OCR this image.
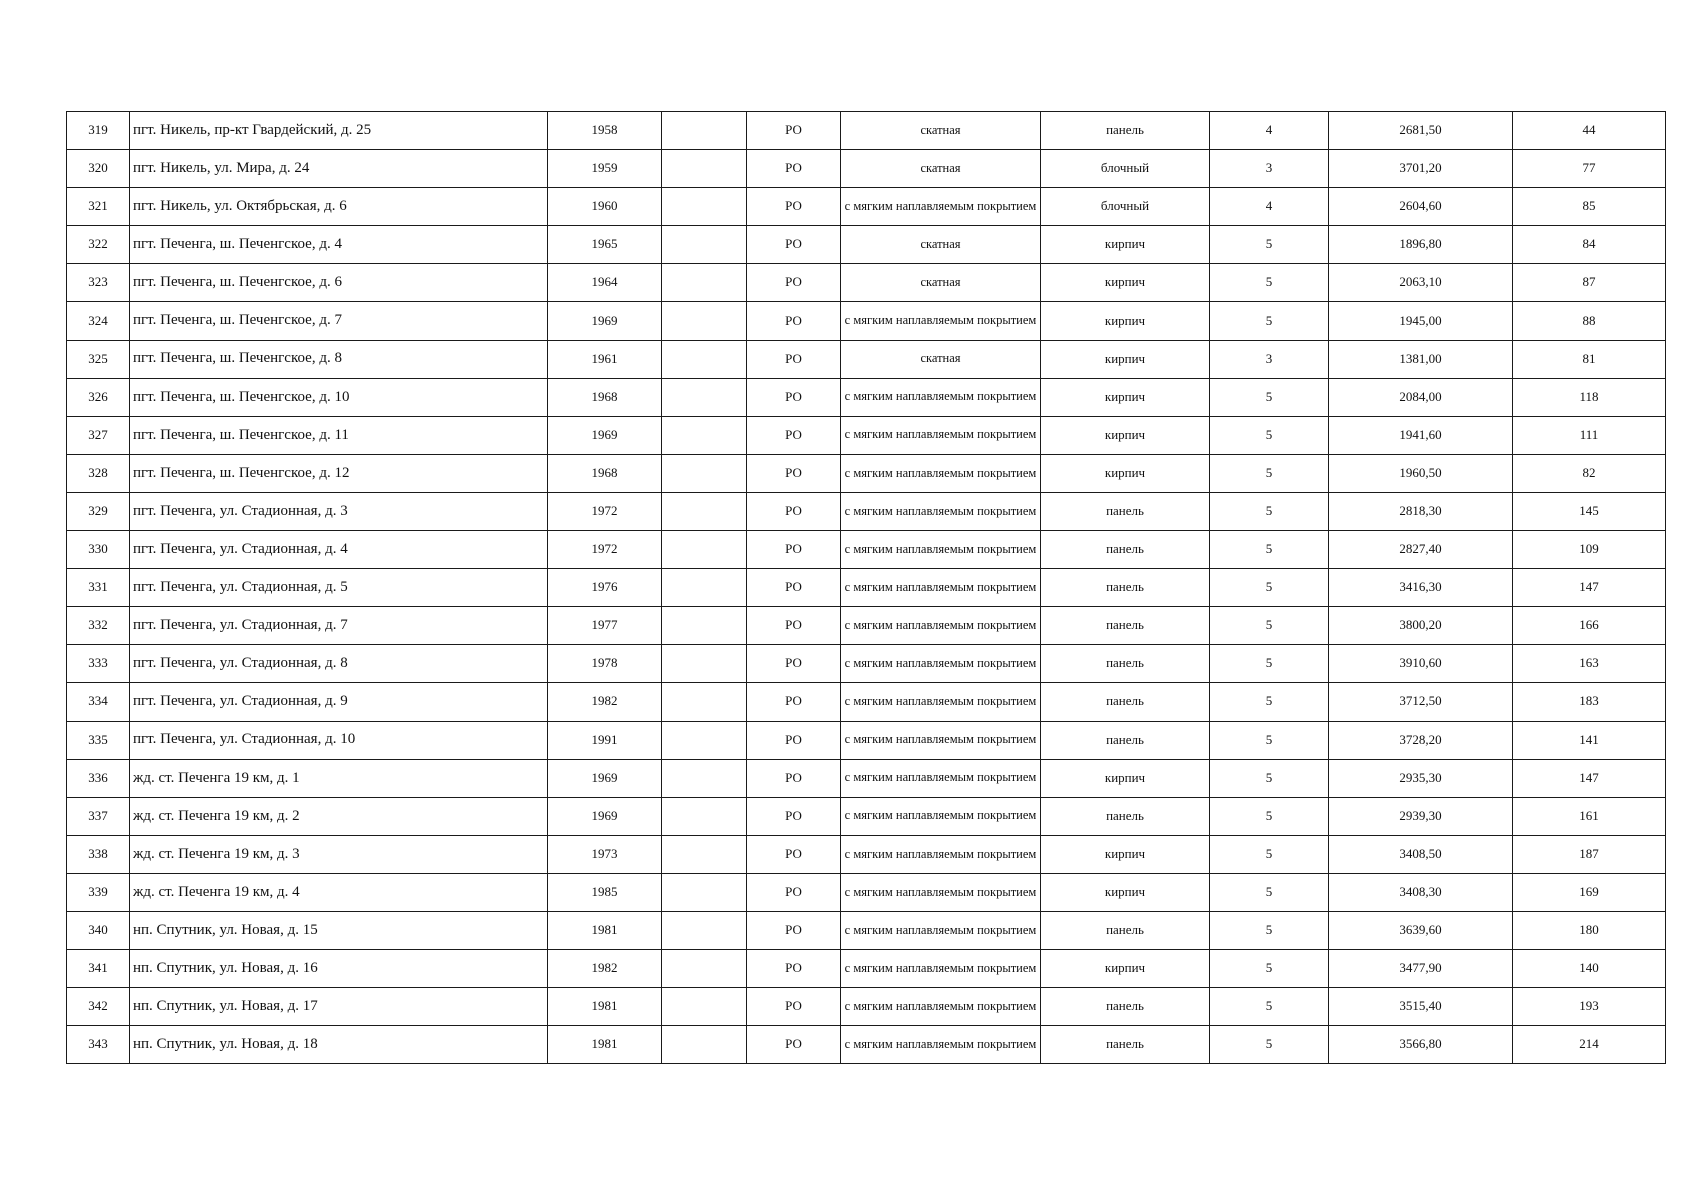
319	пгт. Никель, пр-кт Гвардейский, д. 25	1958		РО	скатная	панель	4	2681,50	44
320	пгт. Никель, ул. Мира, д. 24	1959		РО	скатная	блочный	3	3701,20	77
321	пгт. Никель, ул. Октябрьская, д. 6	1960		РО	с мягким наплавляемым покрытием	блочный	4	2604,60	85
322	пгт. Печенга, ш. Печенгское, д. 4	1965		РО	скатная	кирпич	5	1896,80	84
323	пгт. Печенга, ш. Печенгское, д. 6	1964		РО	скатная	кирпич	5	2063,10	87
324	пгт. Печенга, ш. Печенгское, д. 7	1969		РО	с мягким наплавляемым покрытием	кирпич	5	1945,00	88
325	пгт. Печенга, ш. Печенгское, д. 8	1961		РО	скатная	кирпич	3	1381,00	81
326	пгт. Печенга, ш. Печенгское, д. 10	1968		РО	с мягким наплавляемым покрытием	кирпич	5	2084,00	118
327	пгт. Печенга, ш. Печенгское, д. 11	1969		РО	с мягким наплавляемым покрытием	кирпич	5	1941,60	111
328	пгт. Печенга, ш. Печенгское, д. 12	1968		РО	с мягким наплавляемым покрытием	кирпич	5	1960,50	82
329	пгт. Печенга, ул. Стадионная, д. 3	1972		РО	с мягким наплавляемым покрытием	панель	5	2818,30	145
330	пгт. Печенга, ул. Стадионная, д. 4	1972		РО	с мягким наплавляемым покрытием	панель	5	2827,40	109
331	пгт. Печенга, ул. Стадионная, д. 5	1976		РО	с мягким наплавляемым покрытием	панель	5	3416,30	147
332	пгт. Печенга, ул. Стадионная, д. 7	1977		РО	с мягким наплавляемым покрытием	панель	5	3800,20	166
333	пгт. Печенга, ул. Стадионная, д. 8	1978		РО	с мягким наплавляемым покрытием	панель	5	3910,60	163
334	пгт. Печенга, ул. Стадионная, д. 9	1982		РО	с мягким наплавляемым покрытием	панель	5	3712,50	183
335	пгт. Печенга, ул. Стадионная, д. 10	1991		РО	с мягким наплавляемым покрытием	панель	5	3728,20	141
336	жд. ст. Печенга 19 км, д. 1	1969		РО	с мягким наплавляемым покрытием	кирпич	5	2935,30	147
337	жд. ст. Печенга 19 км, д. 2	1969		РО	с мягким наплавляемым покрытием	панель	5	2939,30	161
338	жд. ст. Печенга 19 км, д. 3	1973		РО	с мягким наплавляемым покрытием	кирпич	5	3408,50	187
339	жд. ст. Печенга 19 км, д. 4	1985		РО	с мягким наплавляемым покрытием	кирпич	5	3408,30	169
340	нп. Спутник, ул. Новая, д. 15	1981		РО	с мягким наплавляемым покрытием	панель	5	3639,60	180
341	нп. Спутник, ул. Новая, д. 16	1982		РО	с мягким наплавляемым покрытием	кирпич	5	3477,90	140
342	нп. Спутник, ул. Новая, д. 17	1981		РО	с мягким наплавляемым покрытием	панель	5	3515,40	193
343	нп. Спутник, ул. Новая, д. 18	1981		РО	с мягким наплавляемым покрытием	панель	5	3566,80	214
